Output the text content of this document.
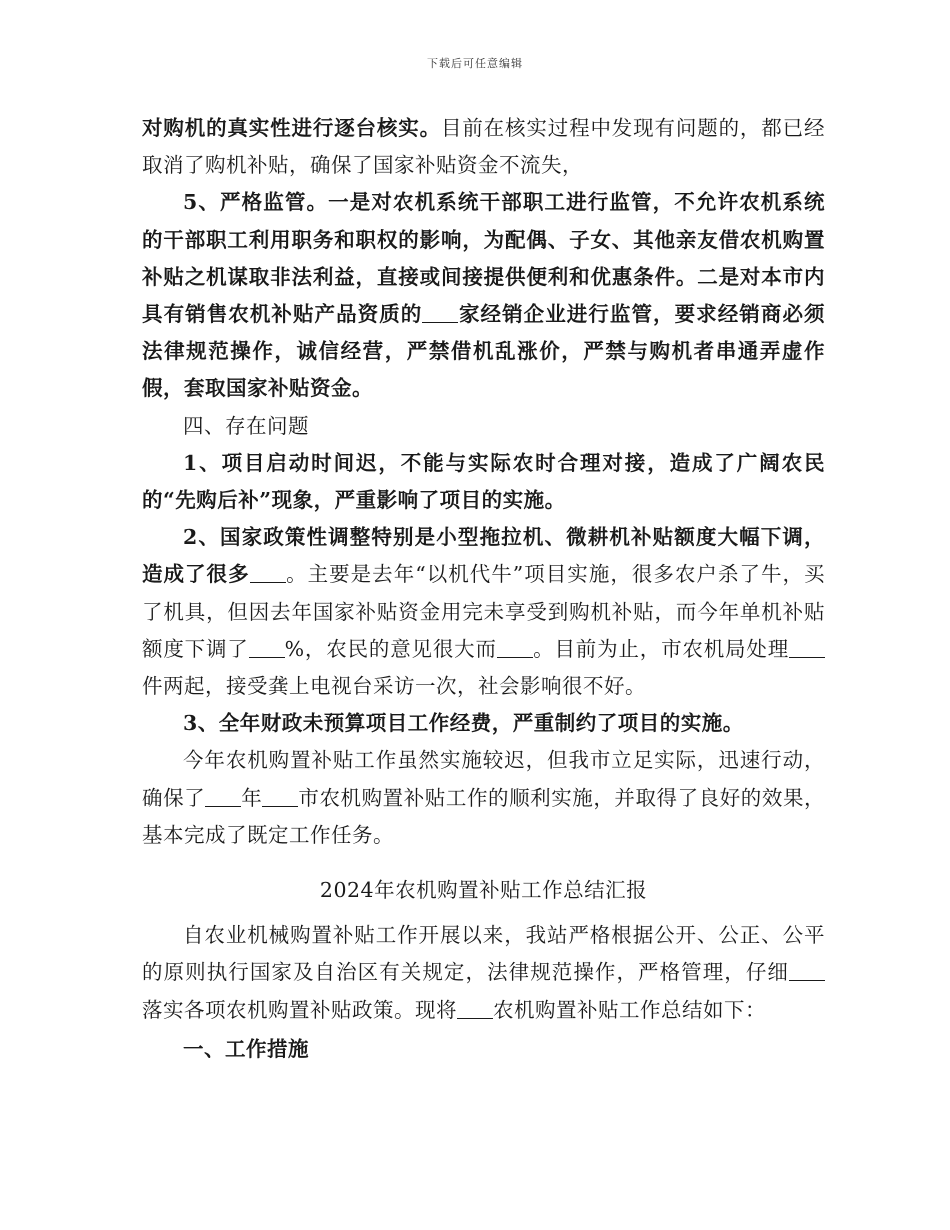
下载后可任意编辑

对购机的真实性进行逐台核实。目前在核实过程中发现有问题的，都已经取消了购机补贴，确保了国家补贴资金不流失，

5、严格监管。一是对农机系统干部职工进行监管，不允许农机系统的干部职工利用职务和职权的影响，为配偶、子女、其他亲友借农机购置补贴之机谋取非法利益，直接或间接提供便利和优惠条件。二是对本市内具有销售农机补贴产品资质的 家经销企业进行监管，要求经销商必须法律规范操作，诚信经营，严禁借机乱涨价，严禁与购机者串通弄虚作假，套取国家补贴资金。

四、存在问题

1、项目启动时间迟，不能与实际农时合理对接，造成了广阔农民的“先购后补”现象，严重影响了项目的实施。

2、国家政策性调整特别是小型拖拉机、微耕机补贴额度大幅下调，造成了很多 。主要是去年“以机代牛”项目实施，很多农户杀了牛，买了机具，但因去年国家补贴资金用完未享受到购机补贴，而今年单机补贴额度下调了 %，农民的意见很大而 。目前为止，市农机局处理件两起，接受龚上电视台采访一次，社会影响很不好。

3、全年财政未预算项目工作经费，严重制约了项目的实施。

今年农机购置补贴工作虽然实施较迟，但我市立足实际，迅速行动，确保了 年 市农机购置补贴工作的顺利实施，并取得了良好的效果，基本完成了既定工作任务。

2024年农机购置补贴工作总结汇报

自农业机械购置补贴工作开展以来，我站严格根据公开、公正、公平的原则执行国家及自治区有关规定，法律规范操作，严格管理，仔细落实各项农机购置补贴政策。现将 农机购置补贴工作总结如下：

一、工作措施
